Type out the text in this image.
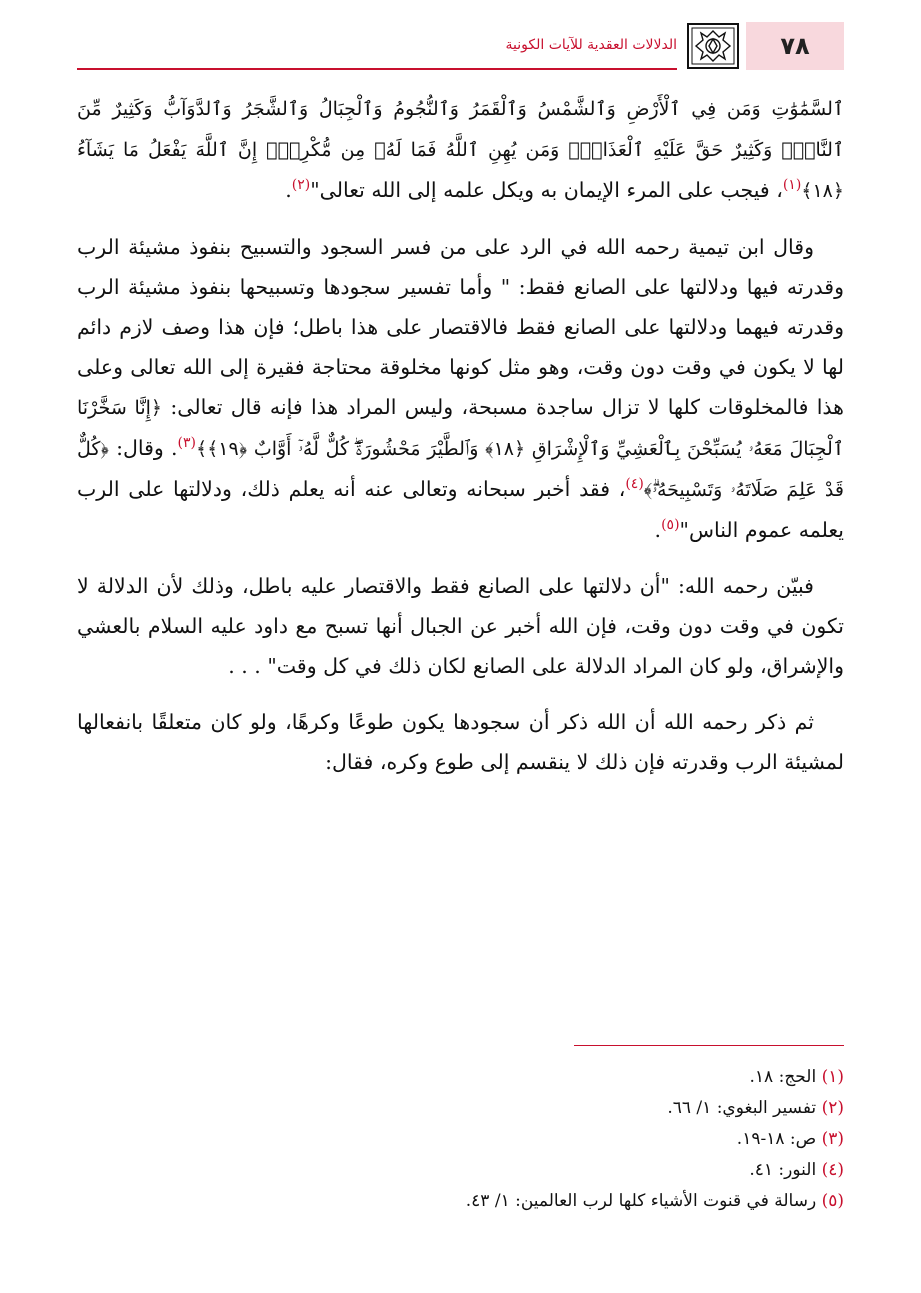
٧٨
الدلالات العقدية للآيات الكونية

ٱلسَّمَٰوَٰتِ وَمَن فِي ٱلْأَرْضِ وَٱلشَّمْسُ وَٱلْقَمَرُ وَٱلنُّجُومُ وَٱلْجِبَالُ وَٱلشَّجَرُ وَٱلدَّوَآبُّ وَكَثِيرٌ مِّنَ ٱلنَّاسِۖ وَكَثِيرٌ حَقَّ عَلَيْهِ ٱلْعَذَابُۗ وَمَن يُهِنِ ٱللَّهُ فَمَا لَهُۥ مِن مُّكْرِمٍۚ إِنَّ ٱللَّهَ يَفْعَلُ مَا يَشَآءُ ﴿١٨﴾$^{(١)}$، فيجب على المرء الإيمان به ويكل علمه إلى الله تعالى"$^{(٢)}$.

وقال ابن تيمية رحمه الله في الرد على من فسر السجود والتسبيح بنفوذ مشيئة الرب وقدرته فيها ودلالتها على الصانع فقط: " وأما تفسير سجودها وتسبيحها بنفوذ مشيئة الرب وقدرته فيهما ودلالتها على الصانع فقط فالاقتصار على هذا باطل؛ فإن هذا وصف لازم دائم لها لا يكون في وقت دون وقت، وهو مثل كونها مخلوقة محتاجة فقيرة إلى الله تعالى وعلى هذا فالمخلوقات كلها لا تزال ساجدة مسبحة، وليس المراد هذا فإنه قال تعالى: ﴿إِنَّا سَخَّرْنَا ٱلْجِبَالَ مَعَهُۥ يُسَبِّحْنَ بِٱلْعَشِيِّ وَٱلْإِشْرَاقِ ﴿١٨﴾ وَٱلطَّيْرَ مَحْشُورَةًۖ كُلٌّ لَّهُۥٓ أَوَّابٌ ﴿١٩﴾﴾$^{(٣)}$. وقال: ﴿كُلٌّ قَدْ عَلِمَ صَلَاتَهُۥ وَتَسْبِيحَهُۥۗ﴾$^{(٤)}$، فقد أخبر سبحانه وتعالى عنه أنه يعلم ذلك، ودلالتها على الرب يعلمه عموم الناس"$^{(٥)}$.

فبيّن رحمه الله: "أن دلالتها على الصانع فقط والاقتصار عليه باطل، وذلك لأن الدلالة لا تكون في وقت دون وقت، فإن الله أخبر عن الجبال أنها تسبح مع داود عليه السلام بالعشي والإشراق، ولو كان المراد الدلالة على الصانع لكان ذلك في كل وقت" . . .

ثم ذكر رحمه الله أن الله ذكر أن سجودها يكون طوعًا وكرهًا، ولو كان متعلقًا بانفعالها لمشيئة الرب وقدرته فإن ذلك لا ينقسم إلى طوع وكره، فقال:

(١) الحج: ١٨.
(٢) تفسير البغوي: ١/ ٦٦.
(٣) ص: ١٨-١٩.
(٤) النور: ٤١.
(٥) رسالة في قنوت الأشياء كلها لرب العالمين: ١/ ٤٣.
